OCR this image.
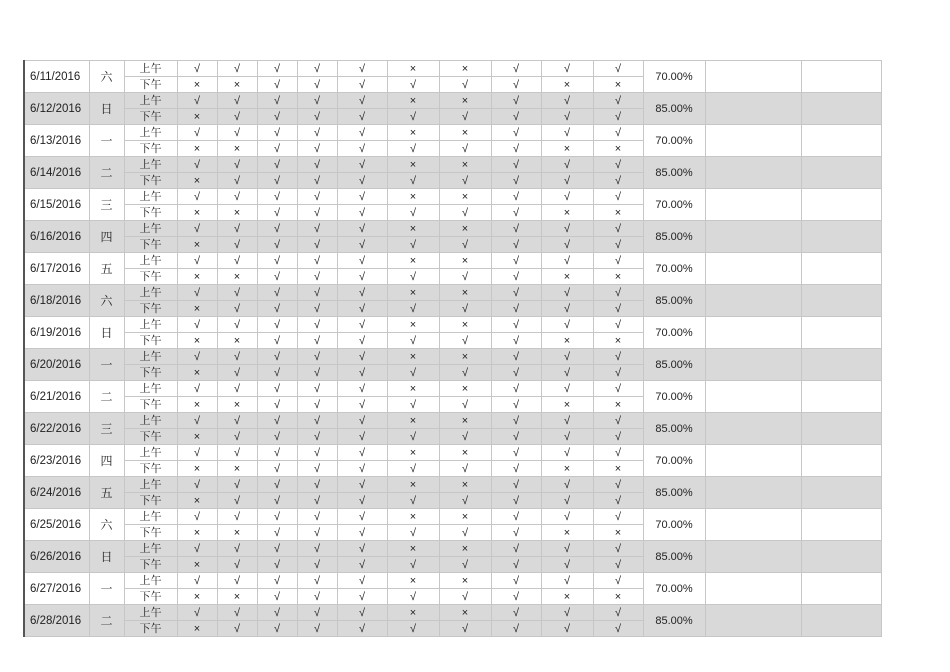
6/11/2016	六	上午	√	√	√	√	√	×	×	√	√	√	70.00%		
		下午	×	×	√	√	√	√	√	√	×	×			
6/12/2016	日	上午	√	√	√	√	√	×	×	√	√	√	85.00%		
		下午	×	√	√	√	√	√	√	√	√	√			
6/13/2016	一	上午	√	√	√	√	√	×	×	√	√	√	70.00%		
		下午	×	×	√	√	√	√	√	√	×	×			
6/14/2016	二	上午	√	√	√	√	√	×	×	√	√	√	85.00%		
		下午	×	√	√	√	√	√	√	√	√	√			
6/15/2016	三	上午	√	√	√	√	√	×	×	√	√	√	70.00%		
		下午	×	×	√	√	√	√	√	√	×	×			
6/16/2016	四	上午	√	√	√	√	√	×	×	√	√	√	85.00%		
		下午	×	√	√	√	√	√	√	√	√	√			
6/17/2016	五	上午	√	√	√	√	√	×	×	√	√	√	70.00%		
		下午	×	×	√	√	√	√	√	√	×	×			
6/18/2016	六	上午	√	√	√	√	√	×	×	√	√	√	85.00%		
		下午	×	√	√	√	√	√	√	√	√	√			
6/19/2016	日	上午	√	√	√	√	√	×	×	√	√	√	70.00%		
		下午	×	×	√	√	√	√	√	√	×	×			
6/20/2016	一	上午	√	√	√	√	√	×	×	√	√	√	85.00%		
		下午	×	√	√	√	√	√	√	√	√	√			
6/21/2016	二	上午	√	√	√	√	√	×	×	√	√	√	70.00%		
		下午	×	×	√	√	√	√	√	√	×	×			
6/22/2016	三	上午	√	√	√	√	√	×	×	√	√	√	85.00%		
		下午	×	√	√	√	√	√	√	√	√	√			
6/23/2016	四	上午	√	√	√	√	√	×	×	√	√	√	70.00%		
		下午	×	×	√	√	√	√	√	√	×	×			
6/24/2016	五	上午	√	√	√	√	√	×	×	√	√	√	85.00%		
		下午	×	√	√	√	√	√	√	√	√	√			
6/25/2016	六	上午	√	√	√	√	√	×	×	√	√	√	70.00%		
		下午	×	×	√	√	√	√	√	√	×	×			
6/26/2016	日	上午	√	√	√	√	√	×	×	√	√	√	85.00%		
		下午	×	√	√	√	√	√	√	√	√	√			
6/27/2016	一	上午	√	√	√	√	√	×	×	√	√	√	70.00%		
		下午	×	×	√	√	√	√	√	√	×	×			
6/28/2016	二	上午	√	√	√	√	√	×	×	√	√	√	85.00%		
		下午	×	√	√	√	√	√	√	√	√	√			
